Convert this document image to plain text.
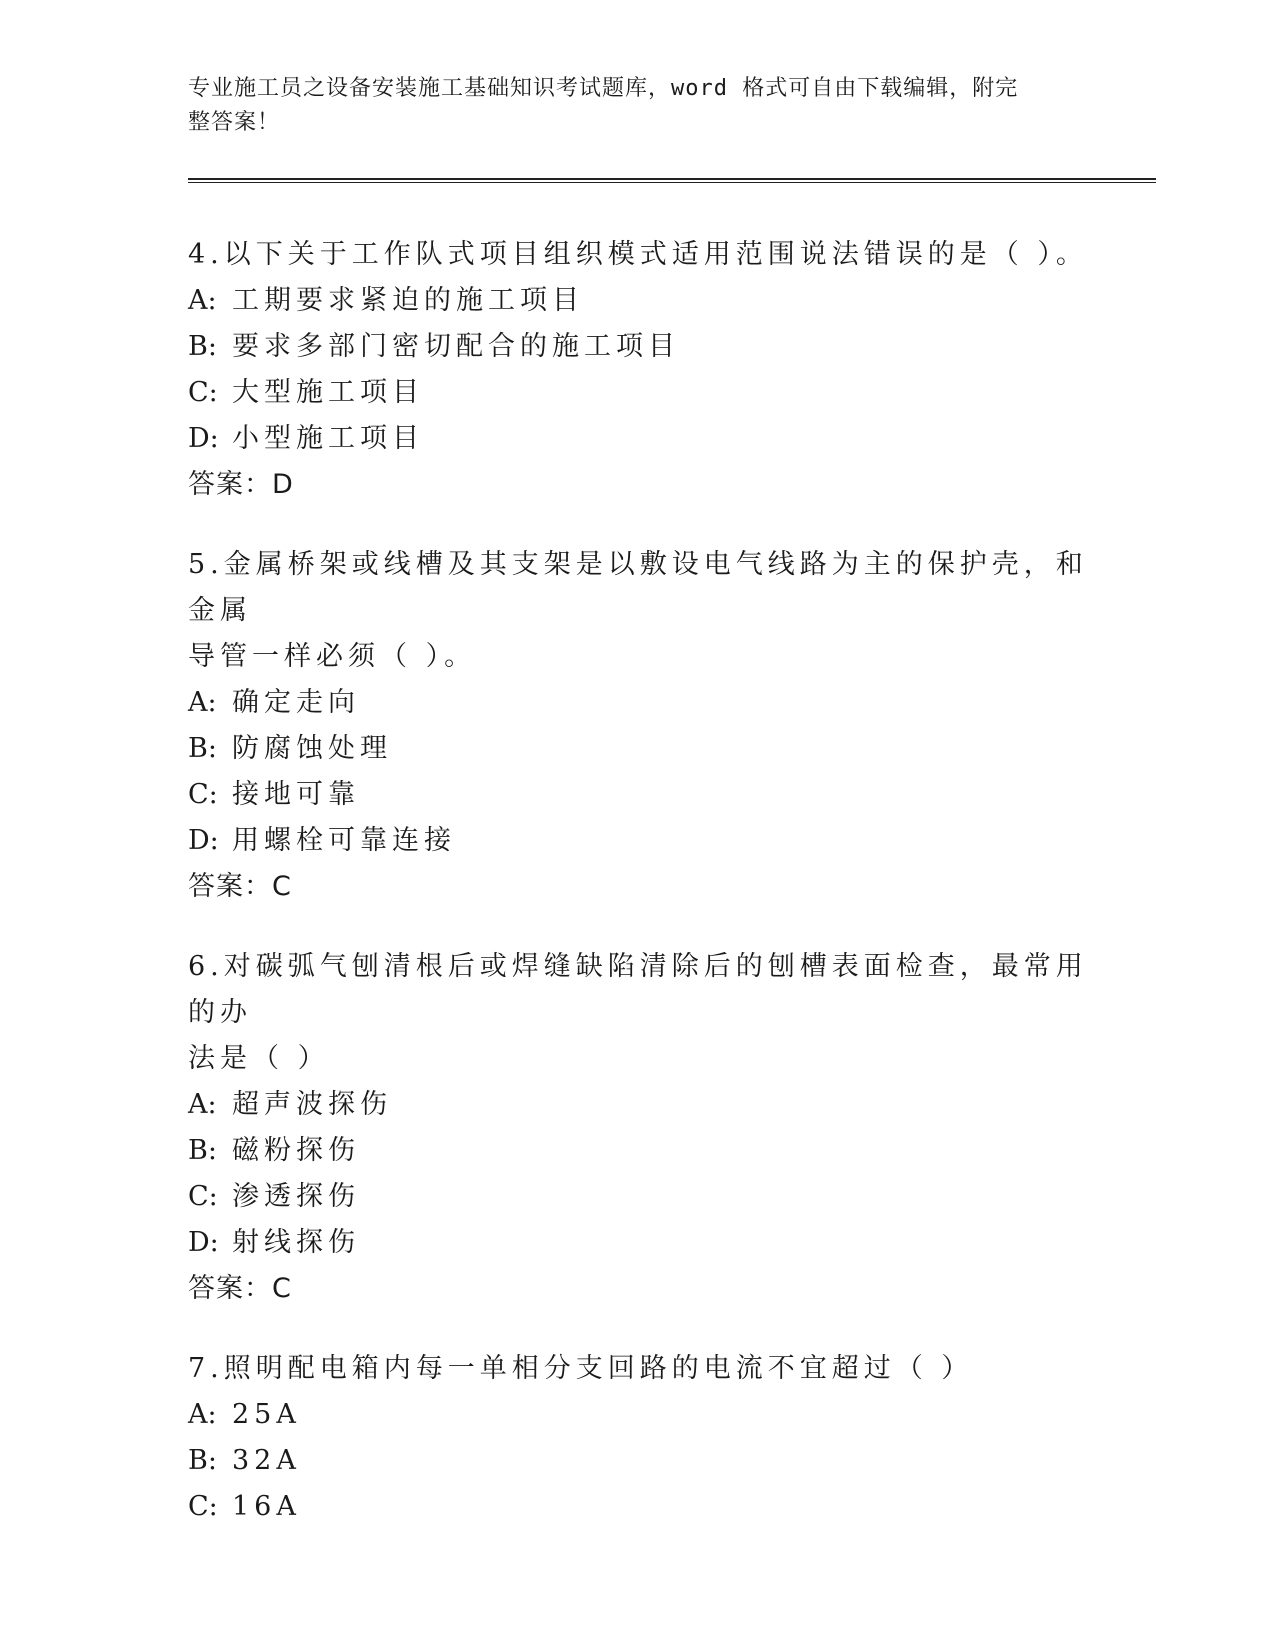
专业施工员之设备安装施工基础知识考试题库，word 格式可自由下载编辑，附完
整答案！
4.以下关于工作队式项目组织模式适用范围说法错误的是（ ）。
A: 工期要求紧迫的施工项目
B: 要求多部门密切配合的施工项目
C: 大型施工项目
D: 小型施工项目
答案：D
5.金属桥架或线槽及其支架是以敷设电气线路为主的保护壳，和金属
导管一样必须（ ）。
A: 确定走向
B: 防腐蚀处理
C: 接地可靠
D: 用螺栓可靠连接
答案：C
6.对碳弧气刨清根后或焊缝缺陷清除后的刨槽表面检查，最常用的办
法是（ ）
A: 超声波探伤
B: 磁粉探伤
C: 渗透探伤
D: 射线探伤
答案：C
7.照明配电箱内每一单相分支回路的电流不宜超过（ ）
A: 25A
B: 32A
C: 16A
